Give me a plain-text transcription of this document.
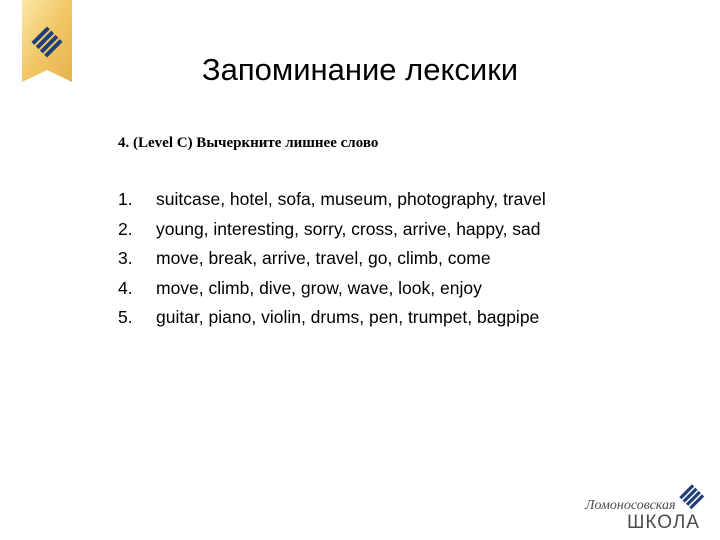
Запоминание лексики

4. (Level C) Вычеркните лишнее слово

1.	suitcase, hotel, sofa, museum, photography, travel
2.	young, interesting, sorry, cross, arrive, happy, sad
3.	move, break, arrive, travel, go, climb, come
4.	move, climb, dive, grow, wave, look, enjoy
5.	guitar, piano, violin, drums, pen, trumpet, bagpipe
Ломоносовская
ШКОЛА
